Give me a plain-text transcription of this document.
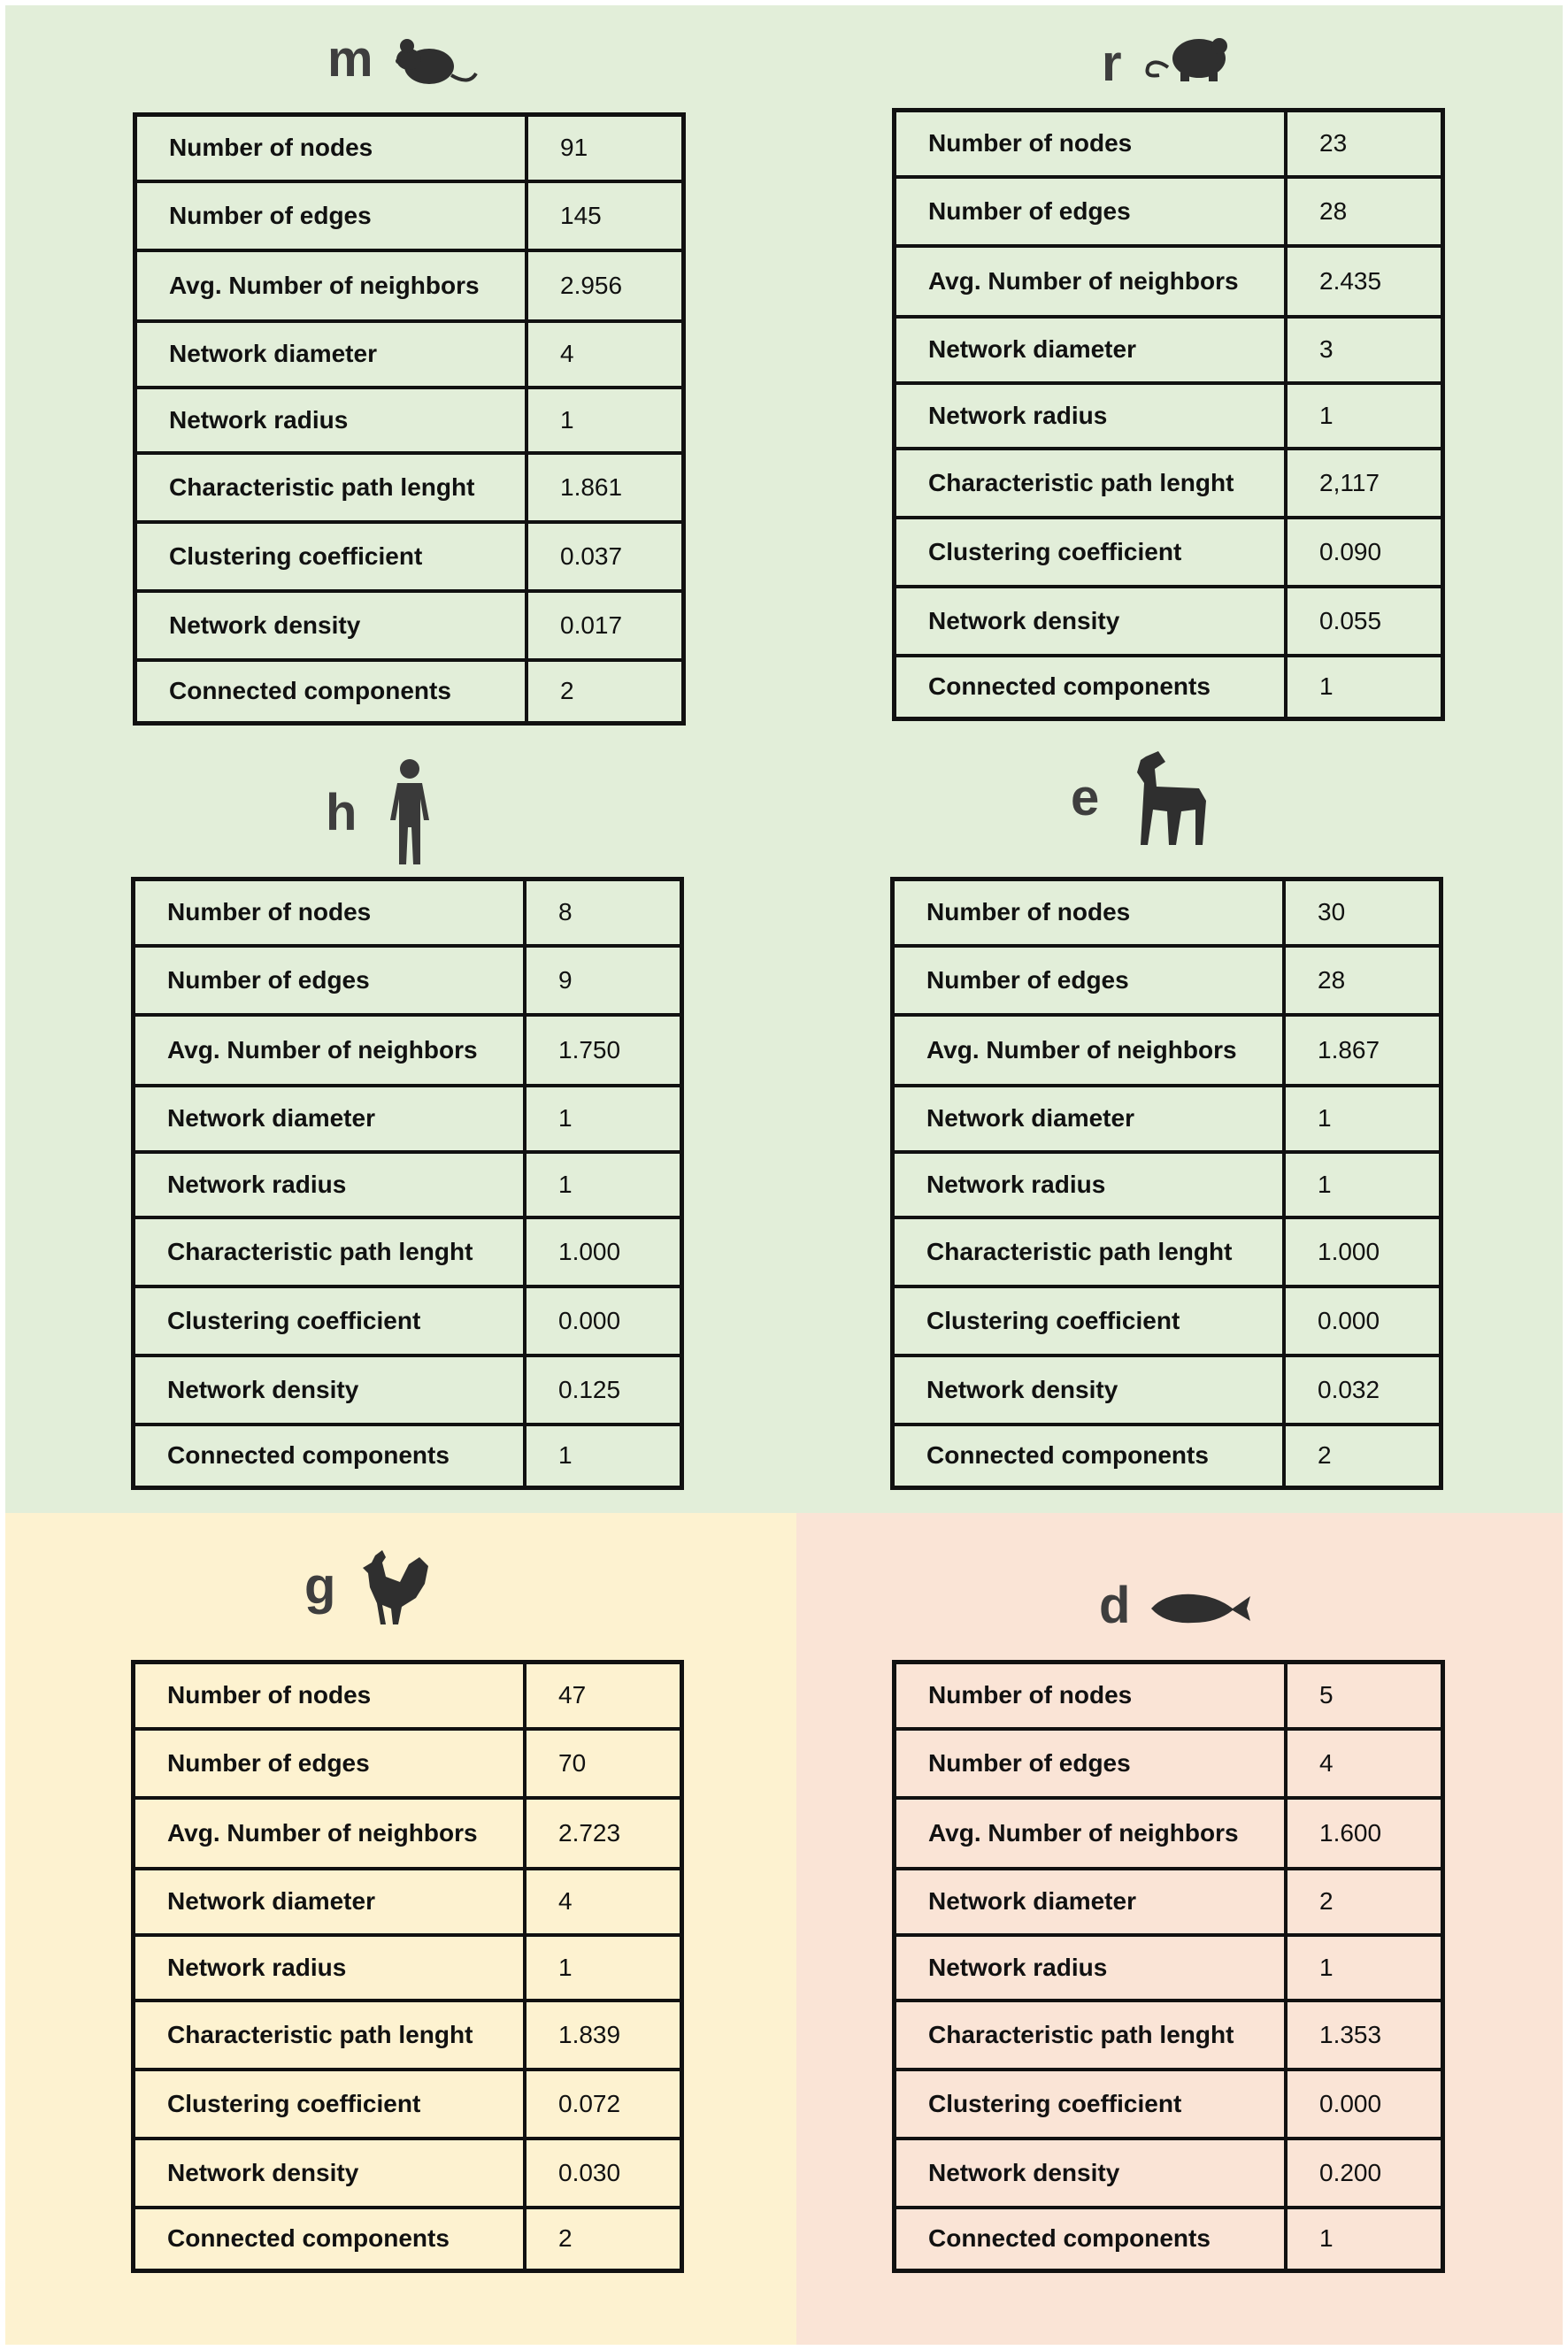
m
Number of nodes	91
Number of edges	145
Avg. Number of neighbors	2.956
Network diameter	4
Network radius	1
Characteristic path lenght	1.861
Clustering coefficient	0.037
Network density	0.017
Connected components	2
r
Number of nodes	23
Number of edges	28
Avg. Number of neighbors	2.435
Network diameter	3
Network radius	1
Characteristic path lenght	2,117
Clustering coefficient	0.090
Network density	0.055
Connected components	1
h
Number of nodes	8
Number of edges	9
Avg. Number of neighbors	1.750
Network diameter	1
Network radius	1
Characteristic path lenght	1.000
Clustering coefficient	0.000
Network density	0.125
Connected components	1
e
Number of nodes	30
Number of edges	28
Avg. Number of neighbors	1.867
Network diameter	1
Network radius	1
Characteristic path lenght	1.000
Clustering coefficient	0.000
Network density	0.032
Connected components	2
g
Number of nodes	47
Number of edges	70
Avg. Number of neighbors	2.723
Network diameter	4
Network radius	1
Characteristic path lenght	1.839
Clustering coefficient	0.072
Network density	0.030
Connected components	2
d
Number of nodes	5
Number of edges	4
Avg. Number of neighbors	1.600
Network diameter	2
Network radius	1
Characteristic path lenght	1.353
Clustering coefficient	0.000
Network density	0.200
Connected components	1
